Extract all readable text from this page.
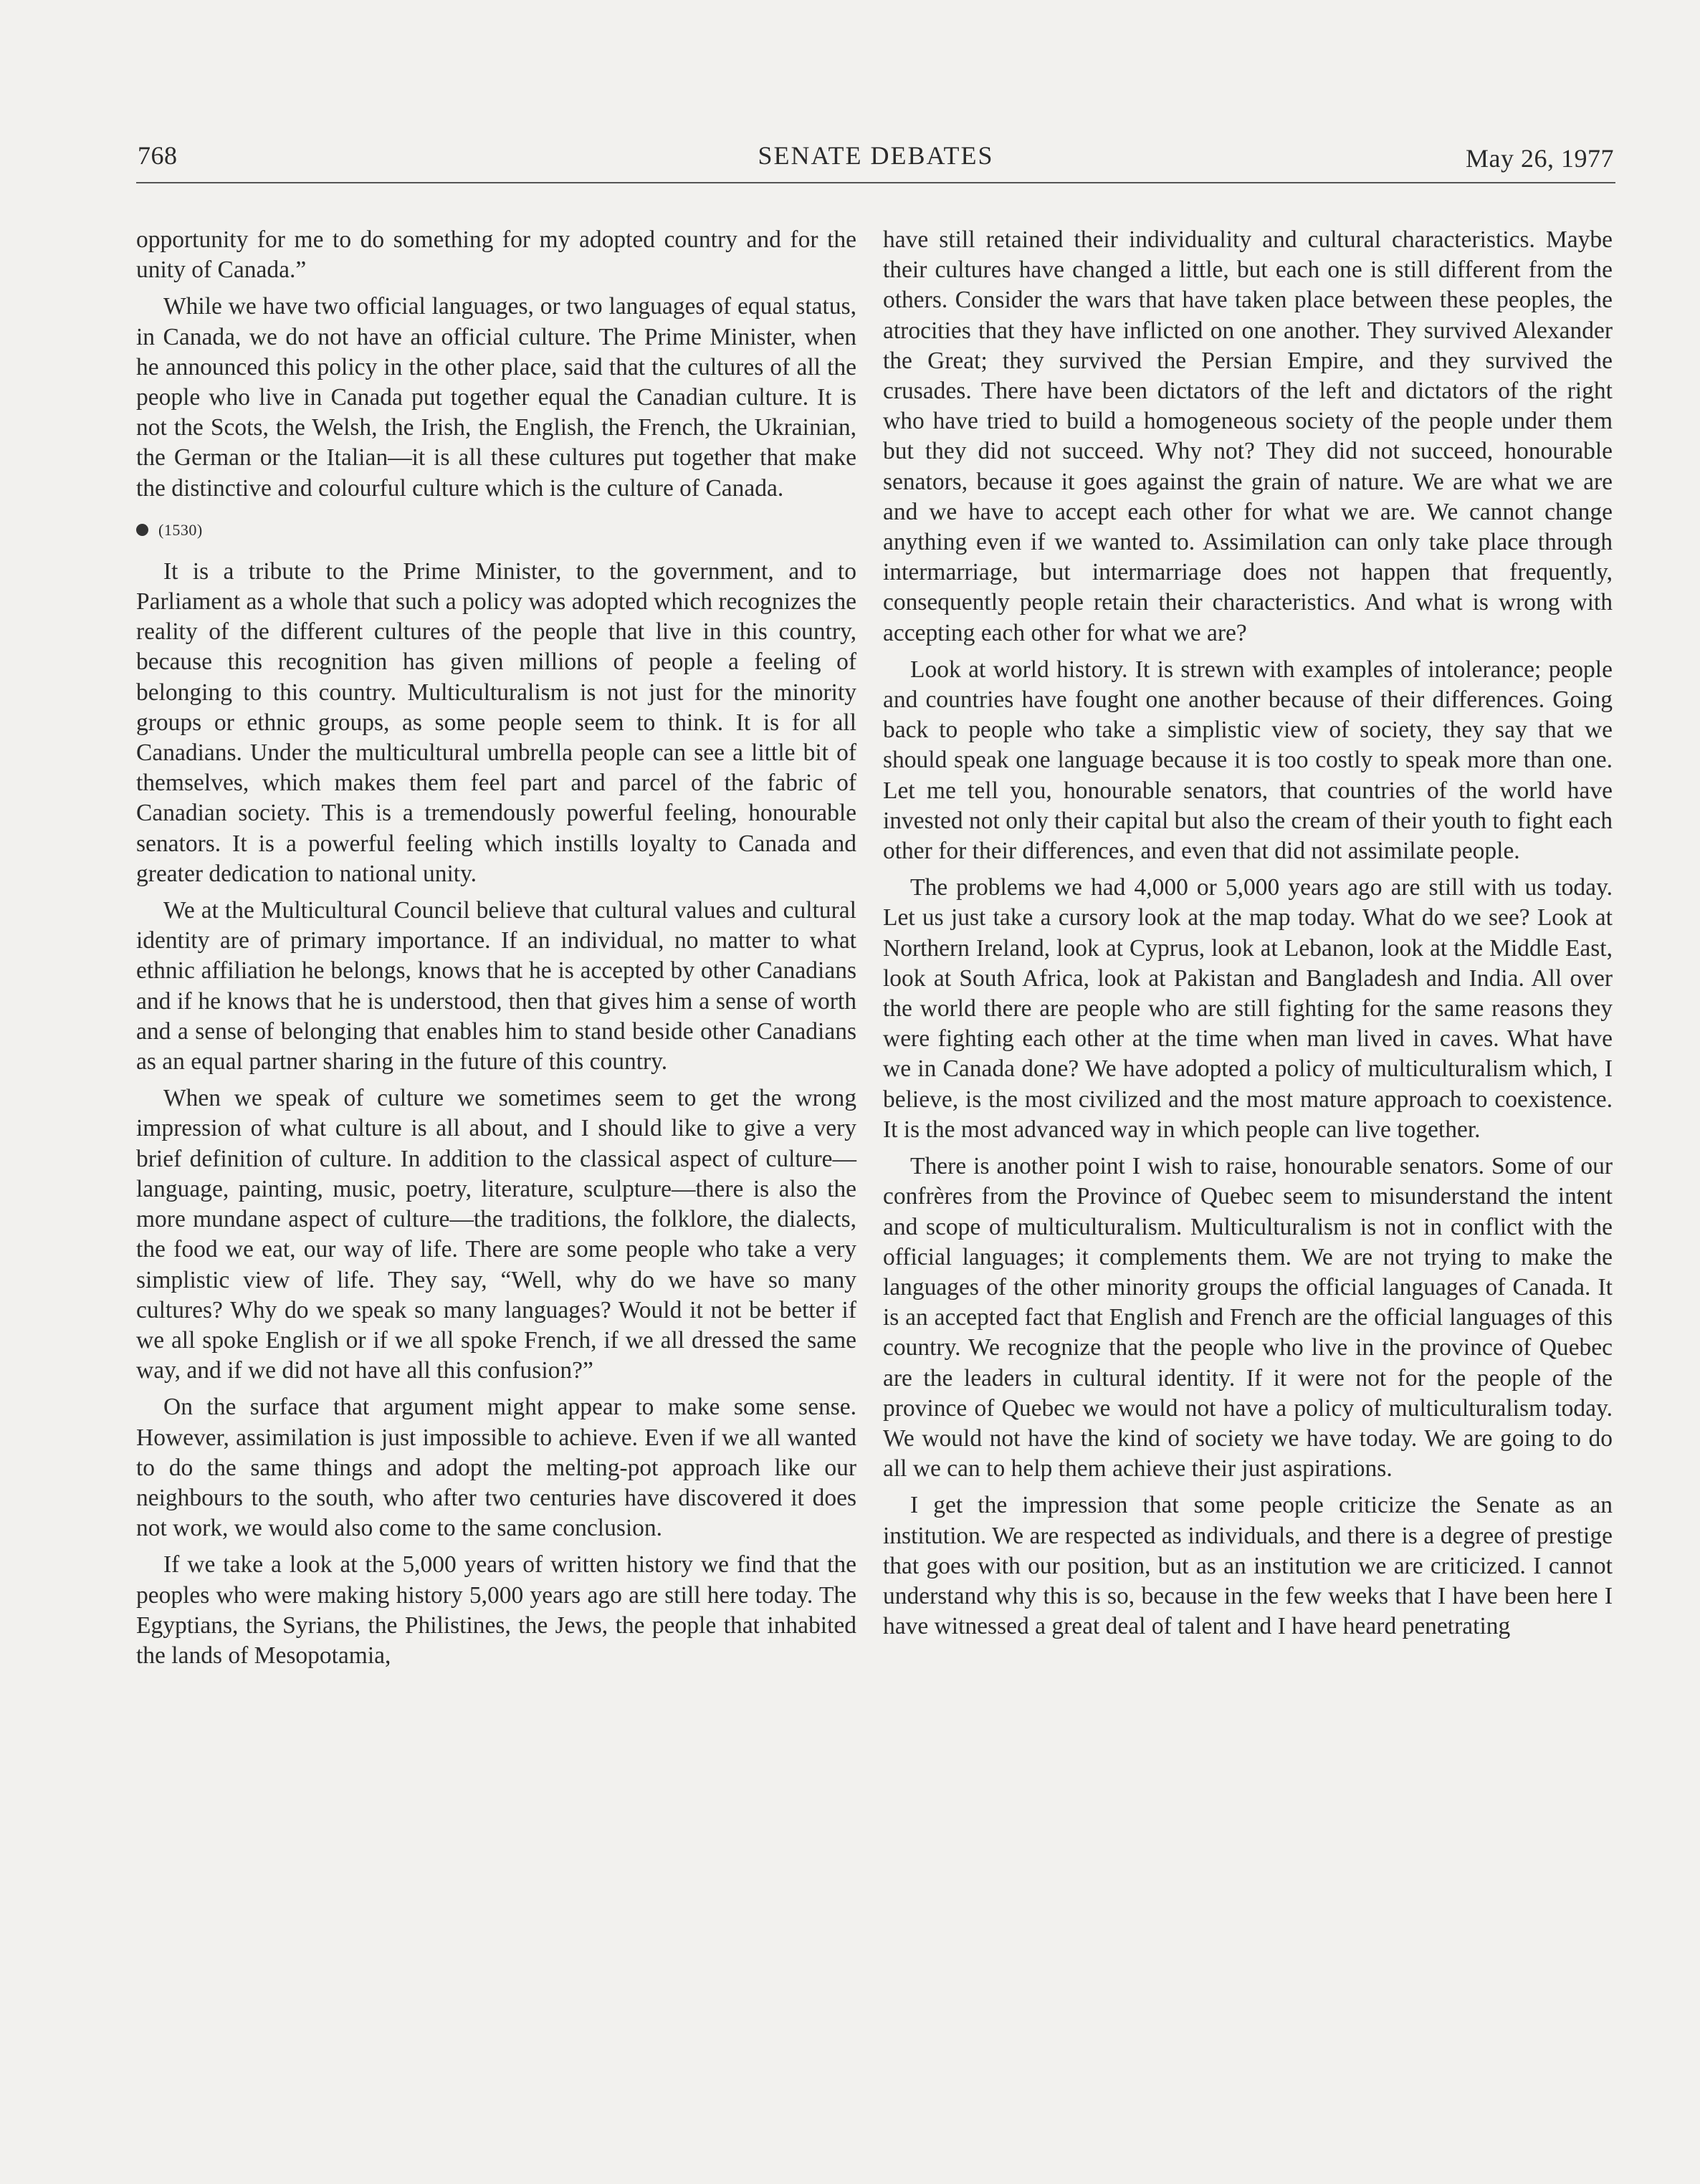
768	SENATE DEBATES	May 26, 1977

opportunity for me to do something for my adopted country and for the unity of Canada.”

While we have two official languages, or two languages of equal status, in Canada, we do not have an official culture. The Prime Minister, when he announced this policy in the other place, said that the cultures of all the people who live in Canada put together equal the Canadian culture. It is not the Scots, the Welsh, the Irish, the English, the French, the Ukrainian, the German or the Italian—it is all these cultures put together that make the distinctive and colourful culture which is the culture of Canada.

(1530)

It is a tribute to the Prime Minister, to the government, and to Parliament as a whole that such a policy was adopted which recognizes the reality of the different cultures of the people that live in this country, because this recognition has given millions of people a feeling of belonging to this country. Multiculturalism is not just for the minority groups or ethnic groups, as some people seem to think. It is for all Canadians. Under the multicultural umbrella people can see a little bit of themselves, which makes them feel part and parcel of the fabric of Canadian society. This is a tremendously powerful feeling, honourable senators. It is a powerful feeling which instills loyalty to Canada and greater dedication to national unity.

We at the Multicultural Council believe that cultural values and cultural identity are of primary importance. If an individual, no matter to what ethnic affiliation he belongs, knows that he is accepted by other Canadians and if he knows that he is understood, then that gives him a sense of worth and a sense of belonging that enables him to stand beside other Canadians as an equal partner sharing in the future of this country.

When we speak of culture we sometimes seem to get the wrong impression of what culture is all about, and I should like to give a very brief definition of culture. In addition to the classical aspect of culture—language, painting, music, poetry, literature, sculpture—there is also the more mundane aspect of culture—the traditions, the folklore, the dialects, the food we eat, our way of life. There are some people who take a very simplistic view of life. They say, “Well, why do we have so many cultures? Why do we speak so many languages? Would it not be better if we all spoke English or if we all spoke French, if we all dressed the same way, and if we did not have all this confusion?”

On the surface that argument might appear to make some sense. However, assimilation is just impossible to achieve. Even if we all wanted to do the same things and adopt the melting-pot approach like our neighbours to the south, who after two centuries have discovered it does not work, we would also come to the same conclusion.

If we take a look at the 5,000 years of written history we find that the peoples who were making history 5,000 years ago are still here today. The Egyptians, the Syrians, the Philistines, the Jews, the people that inhabited the lands of Mesopotamia,

have still retained their individuality and cultural characteristics. Maybe their cultures have changed a little, but each one is still different from the others. Consider the wars that have taken place between these peoples, the atrocities that they have inflicted on one another. They survived Alexander the Great; they survived the Persian Empire, and they survived the crusades. There have been dictators of the left and dictators of the right who have tried to build a homogeneous society of the people under them but they did not succeed. Why not? They did not succeed, honourable senators, because it goes against the grain of nature. We are what we are and we have to accept each other for what we are. We cannot change anything even if we wanted to. Assimilation can only take place through intermarriage, but intermarriage does not happen that frequently, consequently people retain their characteristics. And what is wrong with accepting each other for what we are?

Look at world history. It is strewn with examples of intolerance; people and countries have fought one another because of their differences. Going back to people who take a simplistic view of society, they say that we should speak one language because it is too costly to speak more than one. Let me tell you, honourable senators, that countries of the world have invested not only their capital but also the cream of their youth to fight each other for their differences, and even that did not assimilate people.

The problems we had 4,000 or 5,000 years ago are still with us today. Let us just take a cursory look at the map today. What do we see? Look at Northern Ireland, look at Cyprus, look at Lebanon, look at the Middle East, look at South Africa, look at Pakistan and Bangladesh and India. All over the world there are people who are still fighting for the same reasons they were fighting each other at the time when man lived in caves. What have we in Canada done? We have adopted a policy of multiculturalism which, I believe, is the most civilized and the most mature approach to coexistence. It is the most advanced way in which people can live together.

There is another point I wish to raise, honourable senators. Some of our confrères from the Province of Quebec seem to misunderstand the intent and scope of multiculturalism. Multiculturalism is not in conflict with the official languages; it complements them. We are not trying to make the languages of the other minority groups the official languages of Canada. It is an accepted fact that English and French are the official languages of this country. We recognize that the people who live in the province of Quebec are the leaders in cultural identity. If it were not for the people of the province of Quebec we would not have a policy of multiculturalism today. We would not have the kind of society we have today. We are going to do all we can to help them achieve their just aspirations.

I get the impression that some people criticize the Senate as an institution. We are respected as individuals, and there is a degree of prestige that goes with our position, but as an institution we are criticized. I cannot understand why this is so, because in the few weeks that I have been here I have witnessed a great deal of talent and I have heard penetrating
